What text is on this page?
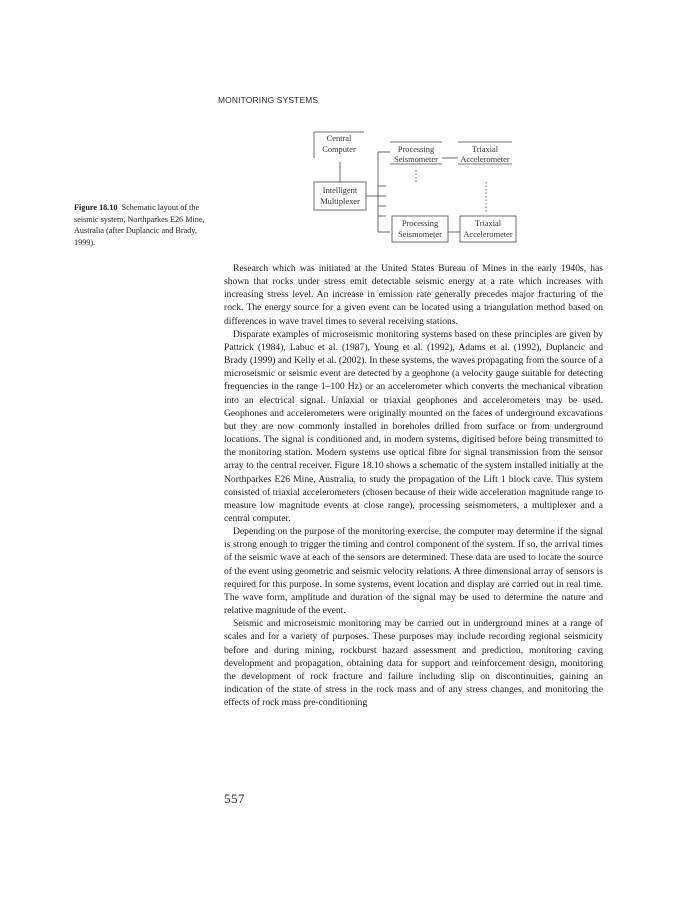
MONITORING SYSTEMS
Central
Computer
Intelligent
Multiplexer
Processing
Seismometer
Triaxial
Accelerometer
Processing
Seismometer
Triaxial
Accelerometer
Figure 18.10 Schematic layout of the seismic system, Northparkes E26 Mine, Australia (after Duplancic and Brady, 1999).

Research which was initiated at the United States Bureau of Mines in the early 1940s, has shown that rocks under stress emit detectable seismic energy at a rate which increases with increasing stress level. An increase in emission rate generally precedes major fracturing of the rock. The energy source for a given event can be located using a triangulation method based on differences in wave travel times to several receiving stations.

Disparate examples of microseismic monitoring systems based on these principles are given by Pattrick (1984), Labuc et al. (1987), Young et al. (1992), Adams et al. (1992), Duplancic and Brady (1999) and Kelly et al. (2002). In these systems, the waves propagating from the source of a microseismic or seismic event are detected by a geophone (a velocity gauge suitable for detecting frequencies in the range 1–100 Hz) or an accelerometer which converts the mechanical vibration into an electrical signal. Uniaxial or triaxial geophones and accelerometers may be used. Geophones and accelerometers were originally mounted on the faces of underground excavations but they are now commonly installed in boreholes drilled from surface or from underground locations. The signal is conditioned and, in modern systems, digitised before being transmitted to the monitoring station. Modern systems use optical fibre for signal transmission from the sensor array to the central receiver. Figure 18.10 shows a schematic of the system installed initially at the Northparkes E26 Mine, Australia, to study the propagation of the Lift 1 block cave. This system consisted of triaxial accelerometers (chosen because of their wide acceleration magnitude range to measure low magnitude events at close range), processing seismometers, a multiplexer and a central computer.

Depending on the purpose of the monitoring exercise, the computer may determine if the signal is strong enough to trigger the timing and control component of the system. If so, the arrival times of the seismic wave at each of the sensors are determined. These data are used to locate the source of the event using geometric and seismic velocity relations. A three dimensional array of sensors is required for this purpose. In some systems, event location and display are carried out in real time. The wave form, amplitude and duration of the signal may be used to determine the nature and relative magnitude of the event.

Seismic and microseismic monitoring may be carried out in underground mines at a range of scales and for a variety of purposes. These purposes may include recording regional seismicity before and during mining, rockburst hazard assessment and prediction, monitoring caving development and propagation, obtaining data for support and reinforcement design, monitoring the development of rock fracture and failure including slip on discontinuities, gaining an indication of the state of stress in the rock mass and of any stress changes, and monitoring the effects of rock mass pre-conditioning

557
